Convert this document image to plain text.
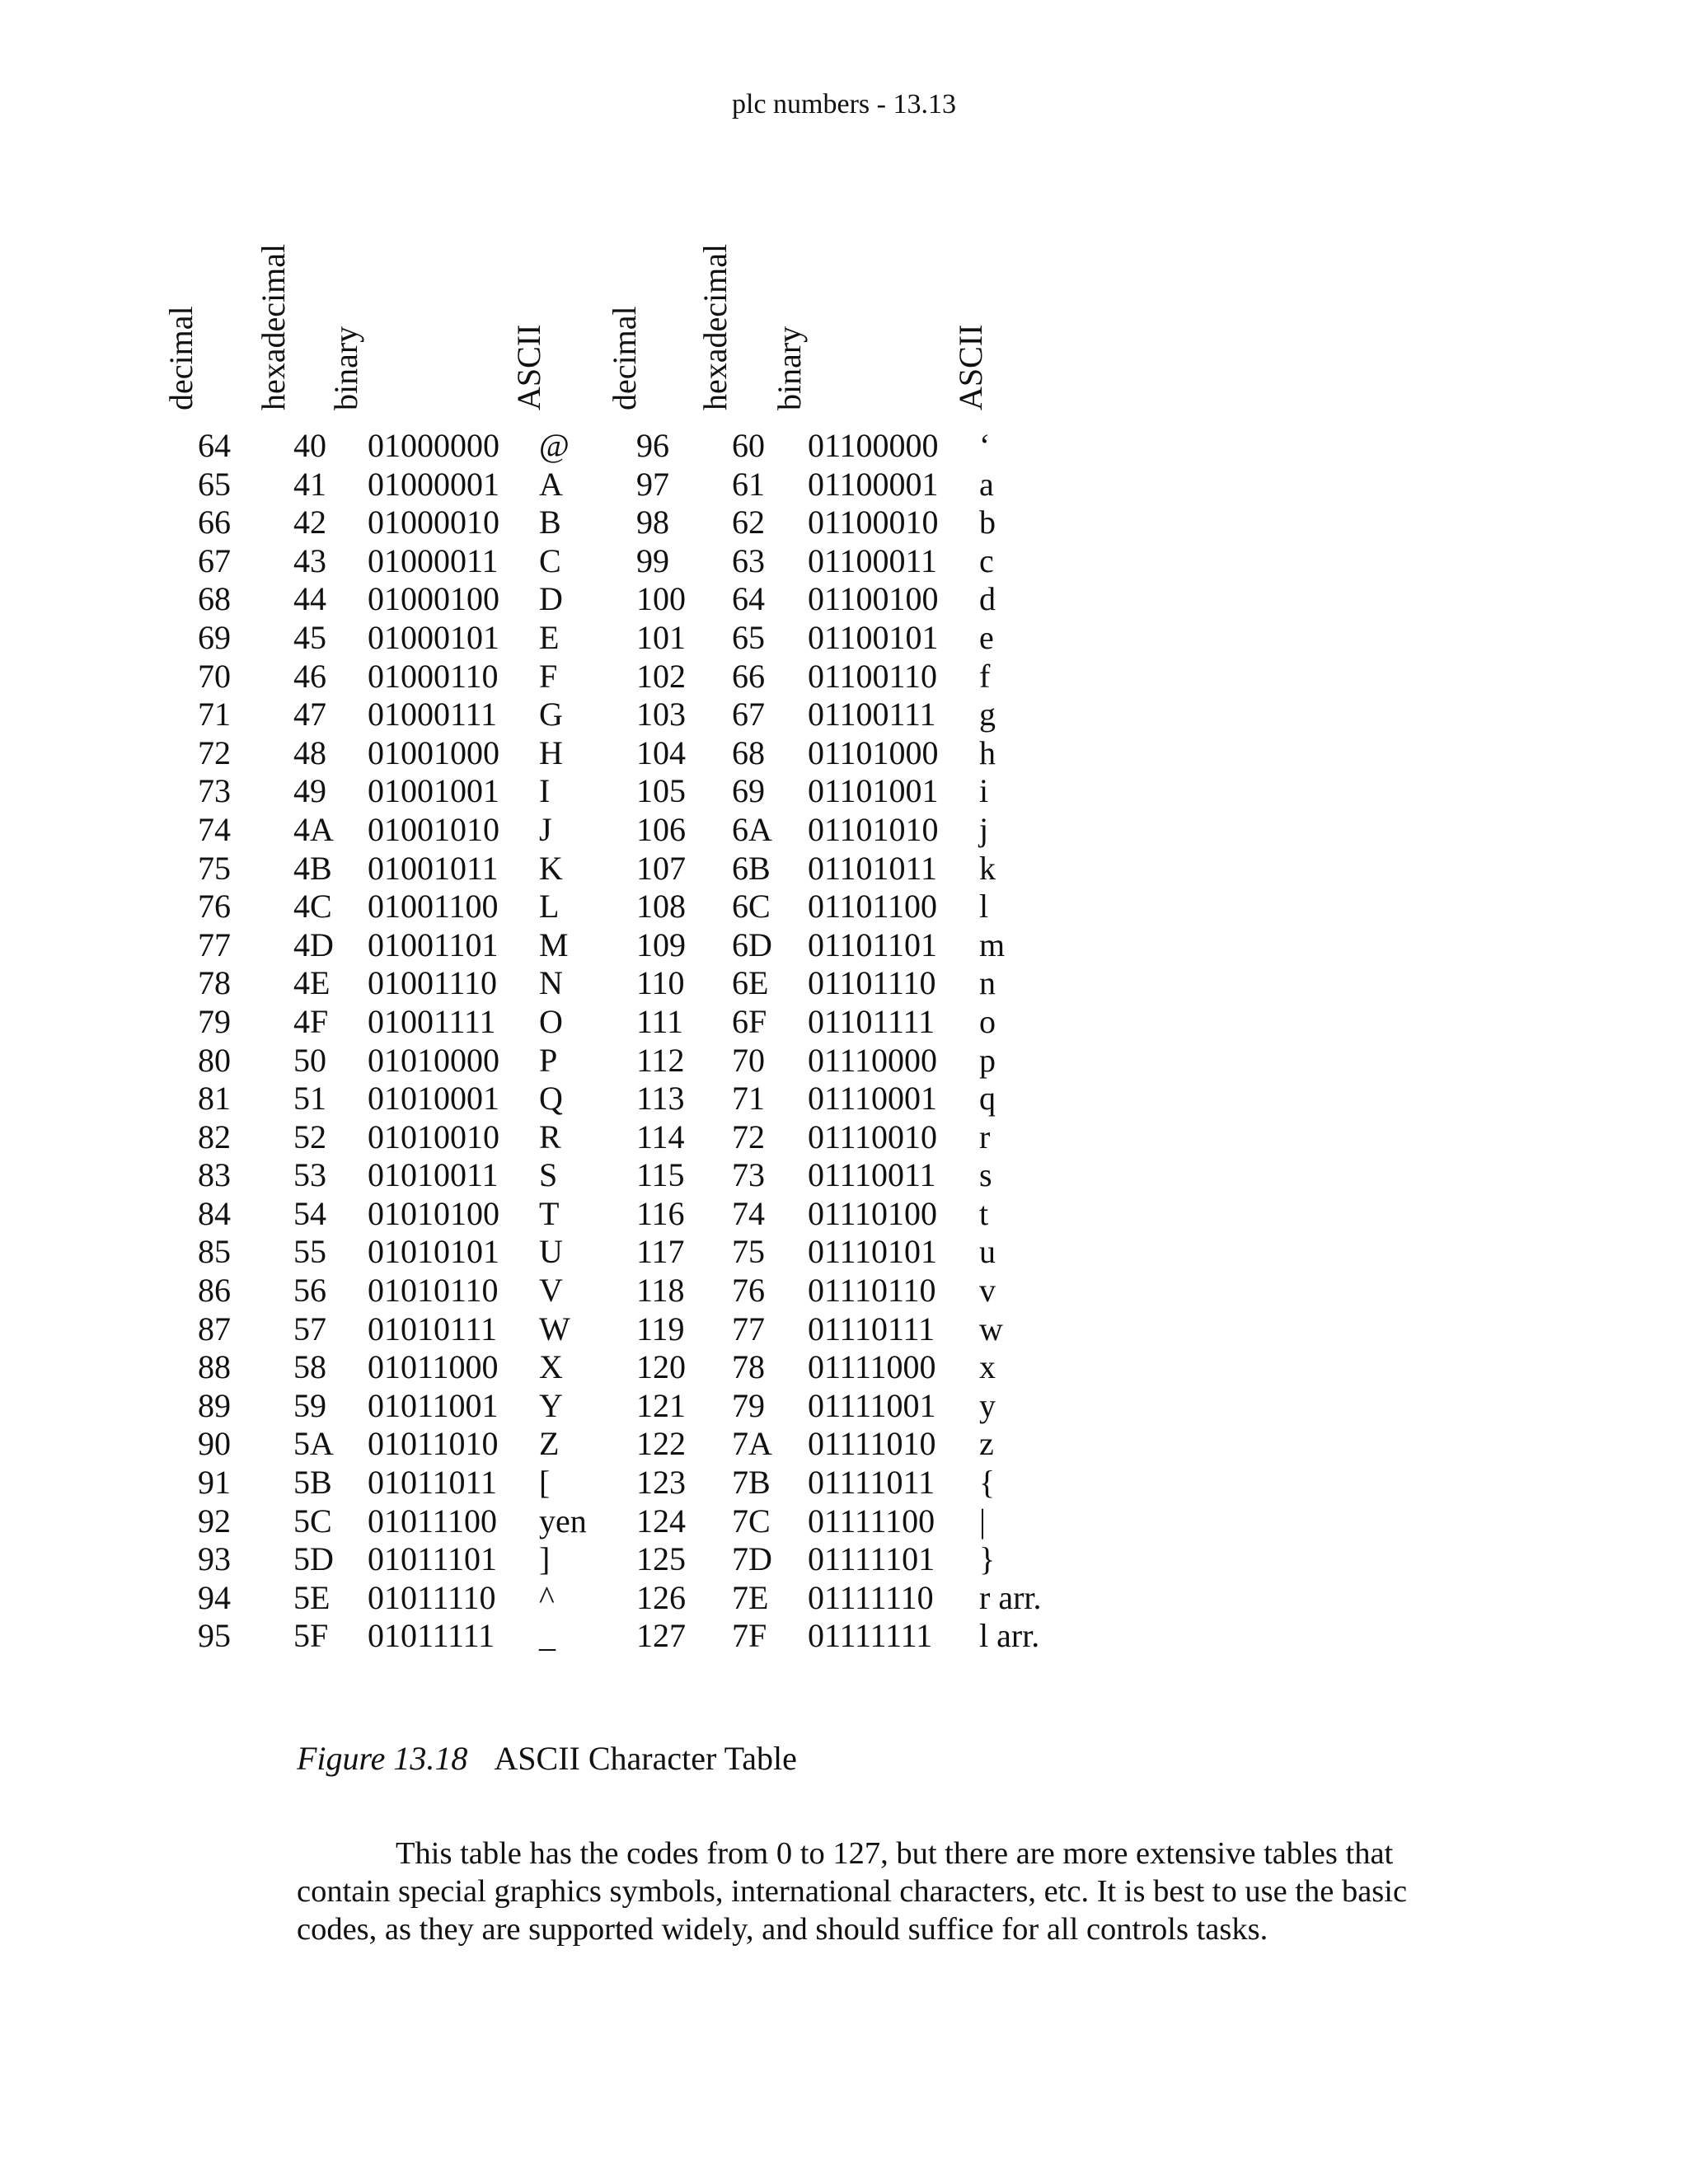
plc numbers - 13.13
decimal hexadecimal binary	ASCII decimal hexadecimal binary	ASCII
64 40 01000000 @ 96 60 01100000 ‘
65 41 01000001 A 97 61 01100001 a
66 42 01000010 B 98 62 01100010 b
67 43 01000011 C 99 63 01100011 c
68 44 01000100 D 100 64 01100100 d
69 45 01000101 E 101 65 01100101 e
70 46 01000110 F 102 66 01100110 f
71 47 01000111 G 103 67 01100111 g
72 48 01001000 H 104 68 01101000 h
73 49 01001001 I	105 69 01101001 i
74 4A 01001010 J	106 6A 01101010 j
75 4B 01001011 K 107 6B 01101011 k
76 4C 01001100 L 108 6C 01101100 l
77 4D 01001101 M 109 6D 01101101 m
78 4E 01001110 N 110 6E 01101110 n
79 4F 01001111 O 111 6F 01101111 o
80 50 01010000 P 112 70 01110000 p
81 51 01010001 Q 113 71 01110001 q
82 52 01010010 R 114 72 01110010 r
83 53 01010011 S 115 73 01110011 s
84 54 01010100 T 116 74 01110100 t
85 55 01010101 U 117 75 01110101 u
86 56 01010110 V 118 76 01110110 v
87 57 01010111 W 119 77 01110111 w
88 58 01011000 X 120 78 01111000 x
89 59 01011001 Y 121 79 01111001 y
90 5A 01011010 Z 122 7A 01111010 z
91 5B 01011011 [	123 7B 01111011 {
92 5C 01011100 yen 124 7C 01111100 |
93 5D 01011101 ]	125 7D 01111101 }
94 5E 01011110 ^ 126 7E 01111110 r arr.
95 5F 01011111 _ 127 7F 01111111 l arr.
Figure 13.18 ASCII Character Table

This table has the codes from 0 to 127, but there are more extensive tables that contain special graphics symbols, international characters, etc. It is best to use the basic codes, as they are supported widely, and should suffice for all controls tasks.
